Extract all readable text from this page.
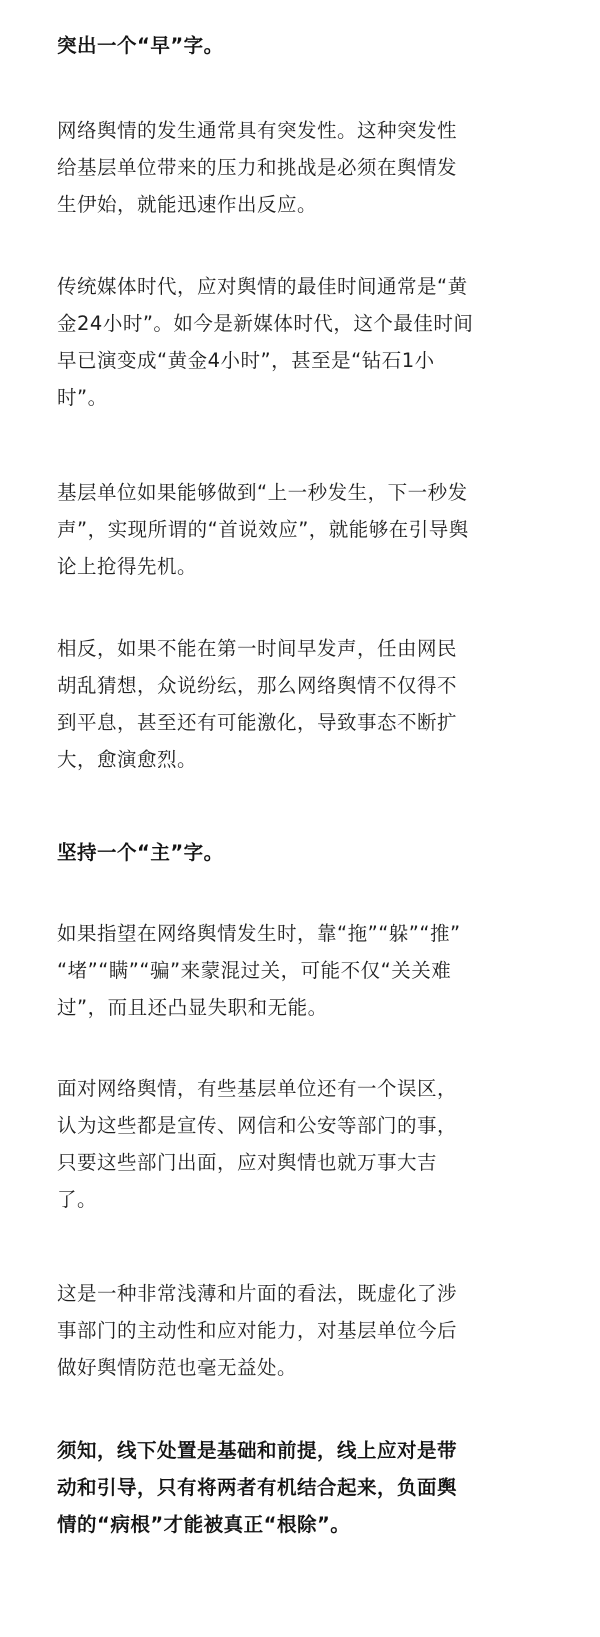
突出一个“早”字。

网络舆情的发生通常具有突发性。这种突发性
给基层单位带来的压力和挑战是必须在舆情发
生伊始，就能迅速作出反应。

传统媒体时代，应对舆情的最佳时间通常是“黄
金24小时”。如今是新媒体时代，这个最佳时间
早已演变成“黄金4小时”，甚至是“钻石1小
时”。

基层单位如果能够做到“上一秒发生，下一秒发
声”，实现所谓的“首说效应”，就能够在引导舆
论上抢得先机。

相反，如果不能在第一时间早发声，任由网民
胡乱猜想，众说纷纭，那么网络舆情不仅得不
到平息，甚至还有可能激化，导致事态不断扩
大，愈演愈烈。

坚持一个“主”字。

如果指望在网络舆情发生时，靠“拖”“躲”“推”
“堵”“瞒”“骗”来蒙混过关，可能不仅“关关难
过”，而且还凸显失职和无能。

面对网络舆情，有些基层单位还有一个误区，
认为这些都是宣传、网信和公安等部门的事，
只要这些部门出面，应对舆情也就万事大吉
了。

这是一种非常浅薄和片面的看法，既虚化了涉
事部门的主动性和应对能力，对基层单位今后
做好舆情防范也毫无益处。

须知，线下处置是基础和前提，线上应对是带
动和引导，只有将两者有机结合起来，负面舆
情的“病根”才能被真正“根除”。
